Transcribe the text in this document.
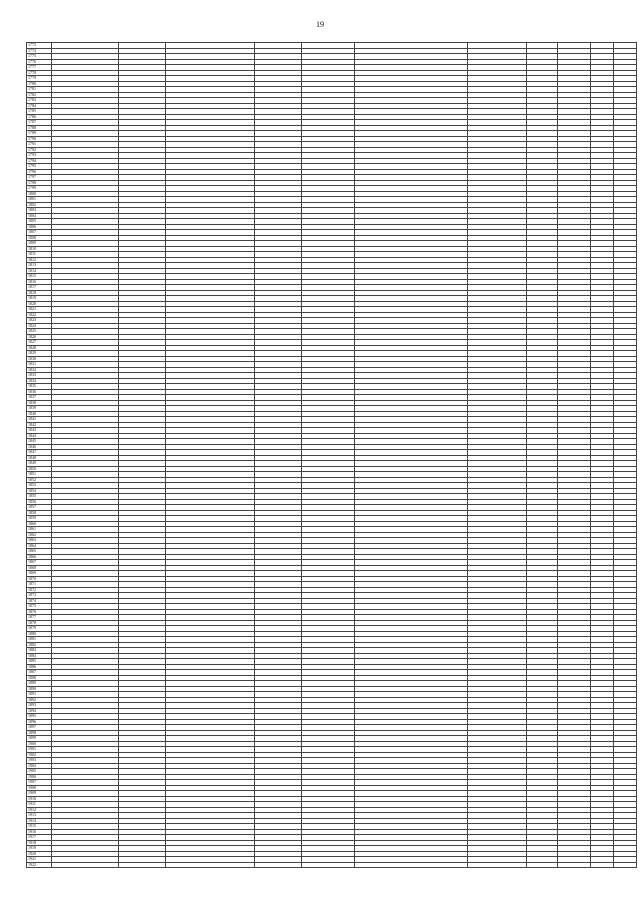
19
1773											
1774											
1775											
1776											
1777											
1778											
1779											
1780											
1781											
1782											
1783											
1784											
1785											
1786											
1787											
1788											
1789											
1790											
1791											
1792											
1793											
1794											
1795											
1796											
1797											
1798											
1799											
1800											
1801											
1802											
1803											
1804											
1805											
1806											
1807											
1808											
1809											
1810											
1811											
1812											
1813											
1814											
1815											
1816											
1817											
1818											
1819											
1820											
1821											
1822											
1823											
1824											
1825											
1826											
1827											
1828											
1829											
1830											
1831											
1832											
1833											
1834											
1835											
1836											
1837											
1838											
1839											
1840											
1841											
1842											
1843											
1844											
1845											
1846											
1847											
1848											
1849											
1850											
1851											
1852											
1853											
1854											
1855											
1856											
1857											
1858											
1859											
1860											
1861											
1862											
1863											
1864											
1865											
1866											
1867											
1868											
1869											
1870											
1871											
1872											
1873											
1874											
1875											
1876											
1877											
1878											
1879											
1880											
1881											
1882											
1883											
1884											
1885											
1886											
1887											
1888											
1889											
1890											
1891											
1892											
1893											
1894											
1895											
1896											
1897											
1898											
1899											
1900											
1901											
1902											
1903											
1904											
1905											
1906											
1907											
1908											
1909											
1910											
1911											
1912											
1913											
1914											
1915											
1916											
1917											
1918											
1919											
1920											
1921											
1922											
